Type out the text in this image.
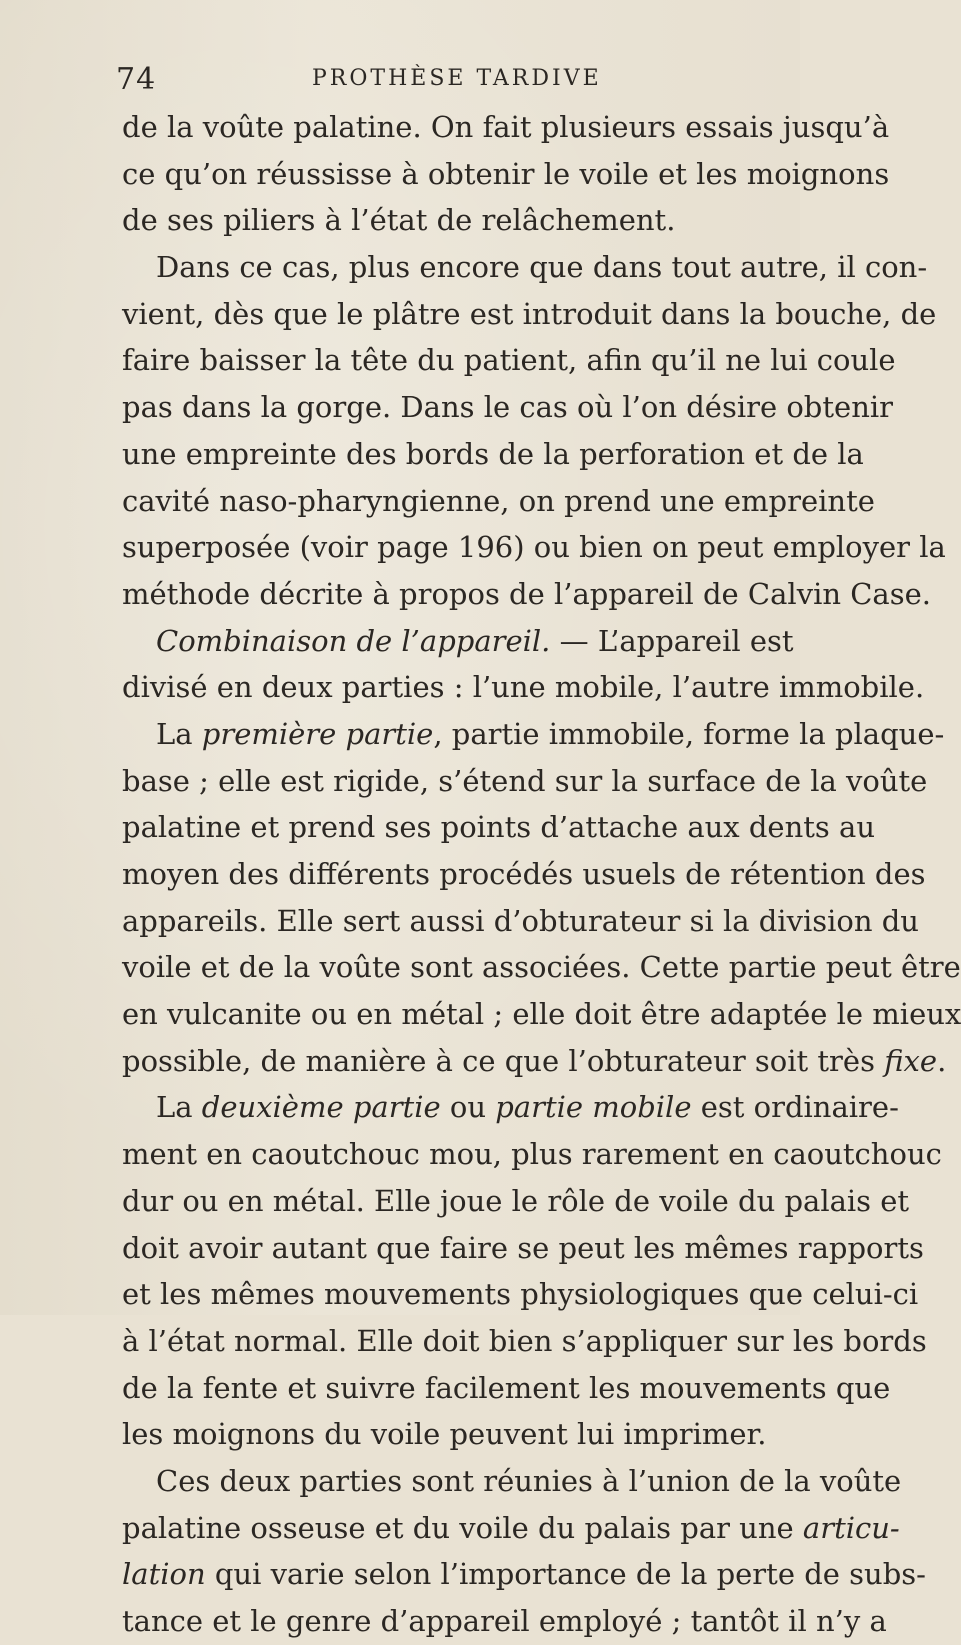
74	PROTHÈSE TARDIVE
de la voûte palatine. On fait plusieurs essais jusqu’à
ce qu’on réussisse à obtenir le voile et les moignons
de ses piliers à l’état de relâchement.
Dans ce cas, plus encore que dans tout autre, il con-
vient, dès que le plâtre est introduit dans la bouche, de
faire baisser la tête du patient, afin qu’il ne lui coule
pas dans la gorge. Dans le cas où l’on désire obtenir
une empreinte des bords de la perforation et de la
cavité naso-pharyngienne, on prend une empreinte
superposée (voir page 196) ou bien on peut employer la
méthode décrite à propos de l’appareil de Calvin Case.
Combinaison de l’appareil. — L’appareil est
divisé en deux parties : l’une mobile, l’autre immobile.
La première partie, partie immobile, forme la plaque-
base ; elle est rigide, s’étend sur la surface de la voûte
palatine et prend ses points d’attache aux dents au
moyen des différents procédés usuels de rétention des
appareils. Elle sert aussi d’obturateur si la division du
voile et de la voûte sont associées. Cette partie peut être
en vulcanite ou en métal ; elle doit être adaptée le mieux
possible, de manière à ce que l’obturateur soit très fixe.
La deuxième partie ou partie mobile est ordinaire-
ment en caoutchouc mou, plus rarement en caoutchouc
dur ou en métal. Elle joue le rôle de voile du palais et
doit avoir autant que faire se peut les mêmes rapports
et les mêmes mouvements physiologiques que celui-ci
à l’état normal. Elle doit bien s’appliquer sur les bords
de la fente et suivre facilement les mouvements que
les moignons du voile peuvent lui imprimer.
Ces deux parties sont réunies à l’union de la voûte
palatine osseuse et du voile du palais par une articu-
lation qui varie selon l’importance de la perte de subs-
tance et le genre d’appareil employé ; tantôt il n’y a
